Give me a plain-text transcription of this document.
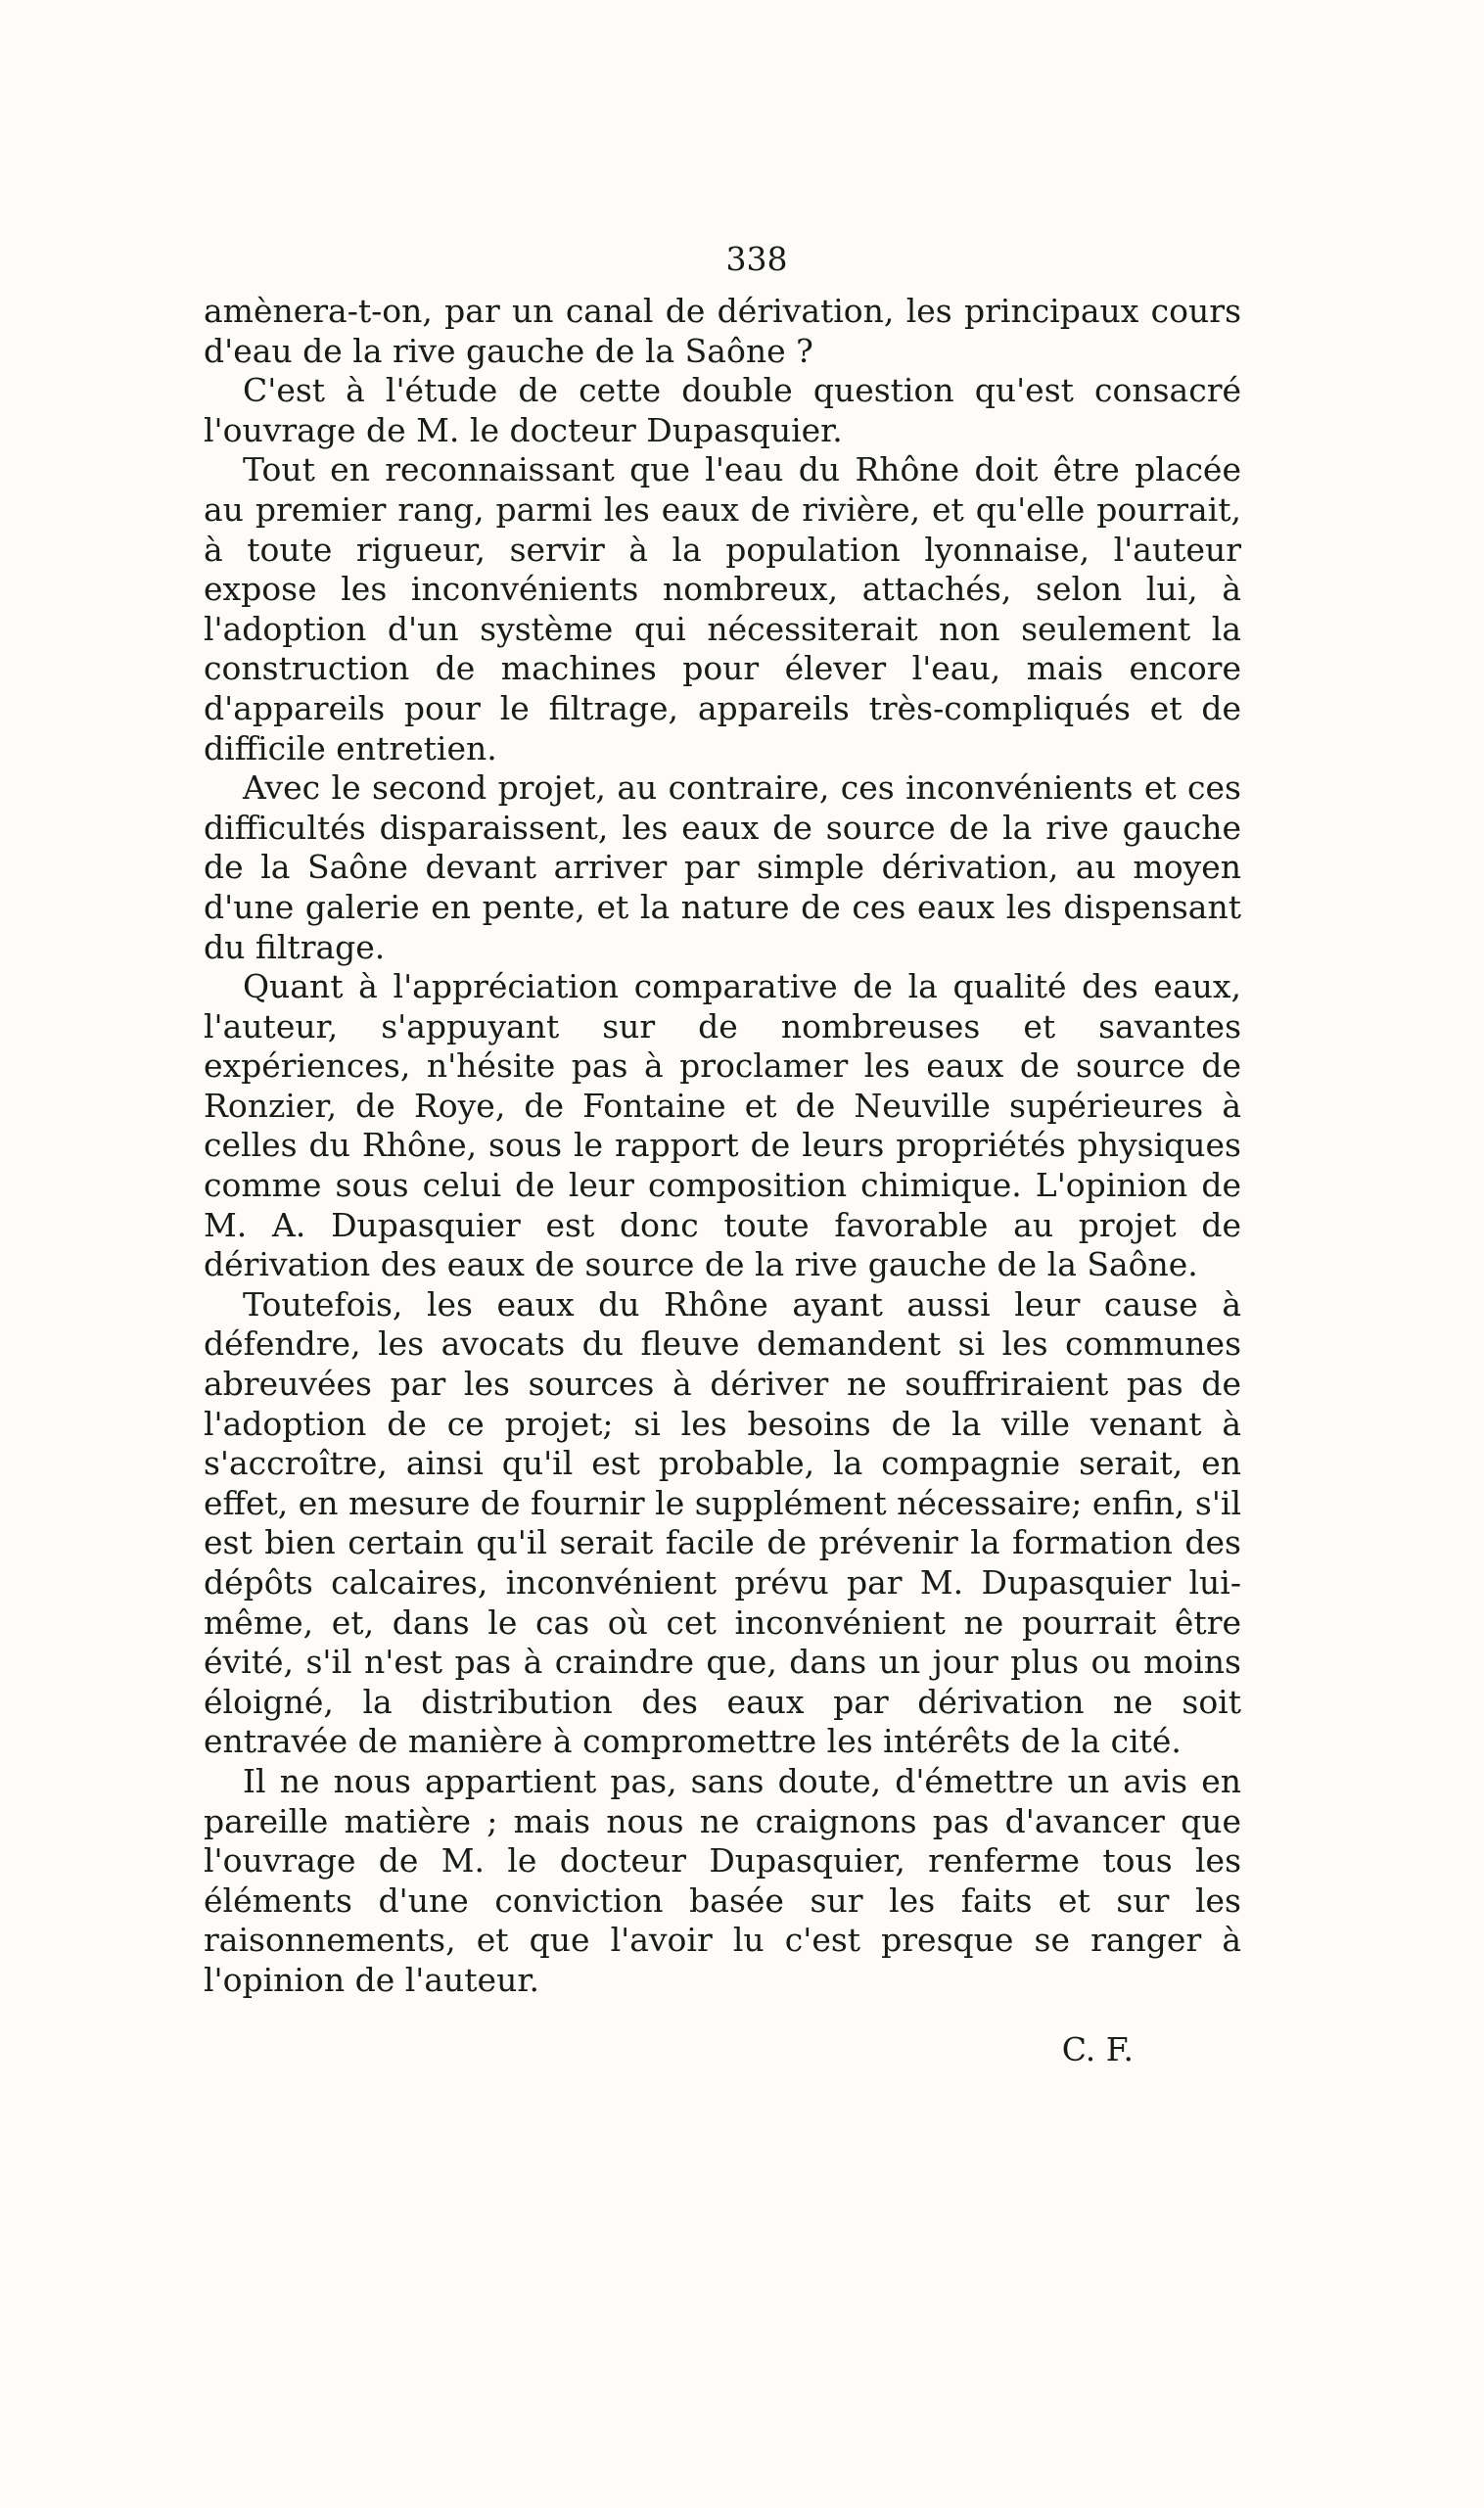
338

amènera-t-on, par un canal de dérivation, les principaux cours d'eau de la rive gauche de la Saône ?

C'est à l'étude de cette double question qu'est consacré l'ouvrage de M. le docteur Dupasquier.

Tout en reconnaissant que l'eau du Rhône doit être placée au premier rang, parmi les eaux de rivière, et qu'elle pourrait, à toute rigueur, servir à la population lyonnaise, l'auteur expose les inconvénients nombreux, attachés, selon lui, à l'adoption d'un système qui nécessiterait non seulement la construction de machines pour élever l'eau, mais encore d'appareils pour le filtrage, appareils très-compliqués et de difficile entretien.

Avec le second projet, au contraire, ces inconvénients et ces difficultés disparaissent, les eaux de source de la rive gauche de la Saône devant arriver par simple dérivation, au moyen d'une galerie en pente, et la nature de ces eaux les dispensant du filtrage.

Quant à l'appréciation comparative de la qualité des eaux, l'auteur, s'appuyant sur de nombreuses et savantes expériences, n'hésite pas à proclamer les eaux de source de Ronzier, de Roye, de Fontaine et de Neuville supérieures à celles du Rhône, sous le rapport de leurs propriétés physiques comme sous celui de leur composition chimique. L'opinion de M. A. Dupasquier est donc toute favorable au projet de dérivation des eaux de source de la rive gauche de la Saône.

Toutefois, les eaux du Rhône ayant aussi leur cause à défendre, les avocats du fleuve demandent si les communes abreuvées par les sources à dériver ne souffriraient pas de l'adoption de ce projet; si les besoins de la ville venant à s'accroître, ainsi qu'il est probable, la compagnie serait, en effet, en mesure de fournir le supplément nécessaire; enfin, s'il est bien certain qu'il serait facile de prévenir la formation des dépôts calcaires, inconvénient prévu par M. Dupasquier lui-même, et, dans le cas où cet inconvénient ne pourrait être évité, s'il n'est pas à craindre que, dans un jour plus ou moins éloigné, la distribution des eaux par dérivation ne soit entravée de manière à compromettre les intérêts de la cité.

Il ne nous appartient pas, sans doute, d'émettre un avis en pareille matière ; mais nous ne craignons pas d'avancer que l'ouvrage de M. le docteur Dupasquier, renferme tous les éléments d'une conviction basée sur les faits et sur les raisonnements, et que l'avoir lu c'est presque se ranger à l'opinion de l'auteur.

C. F.
